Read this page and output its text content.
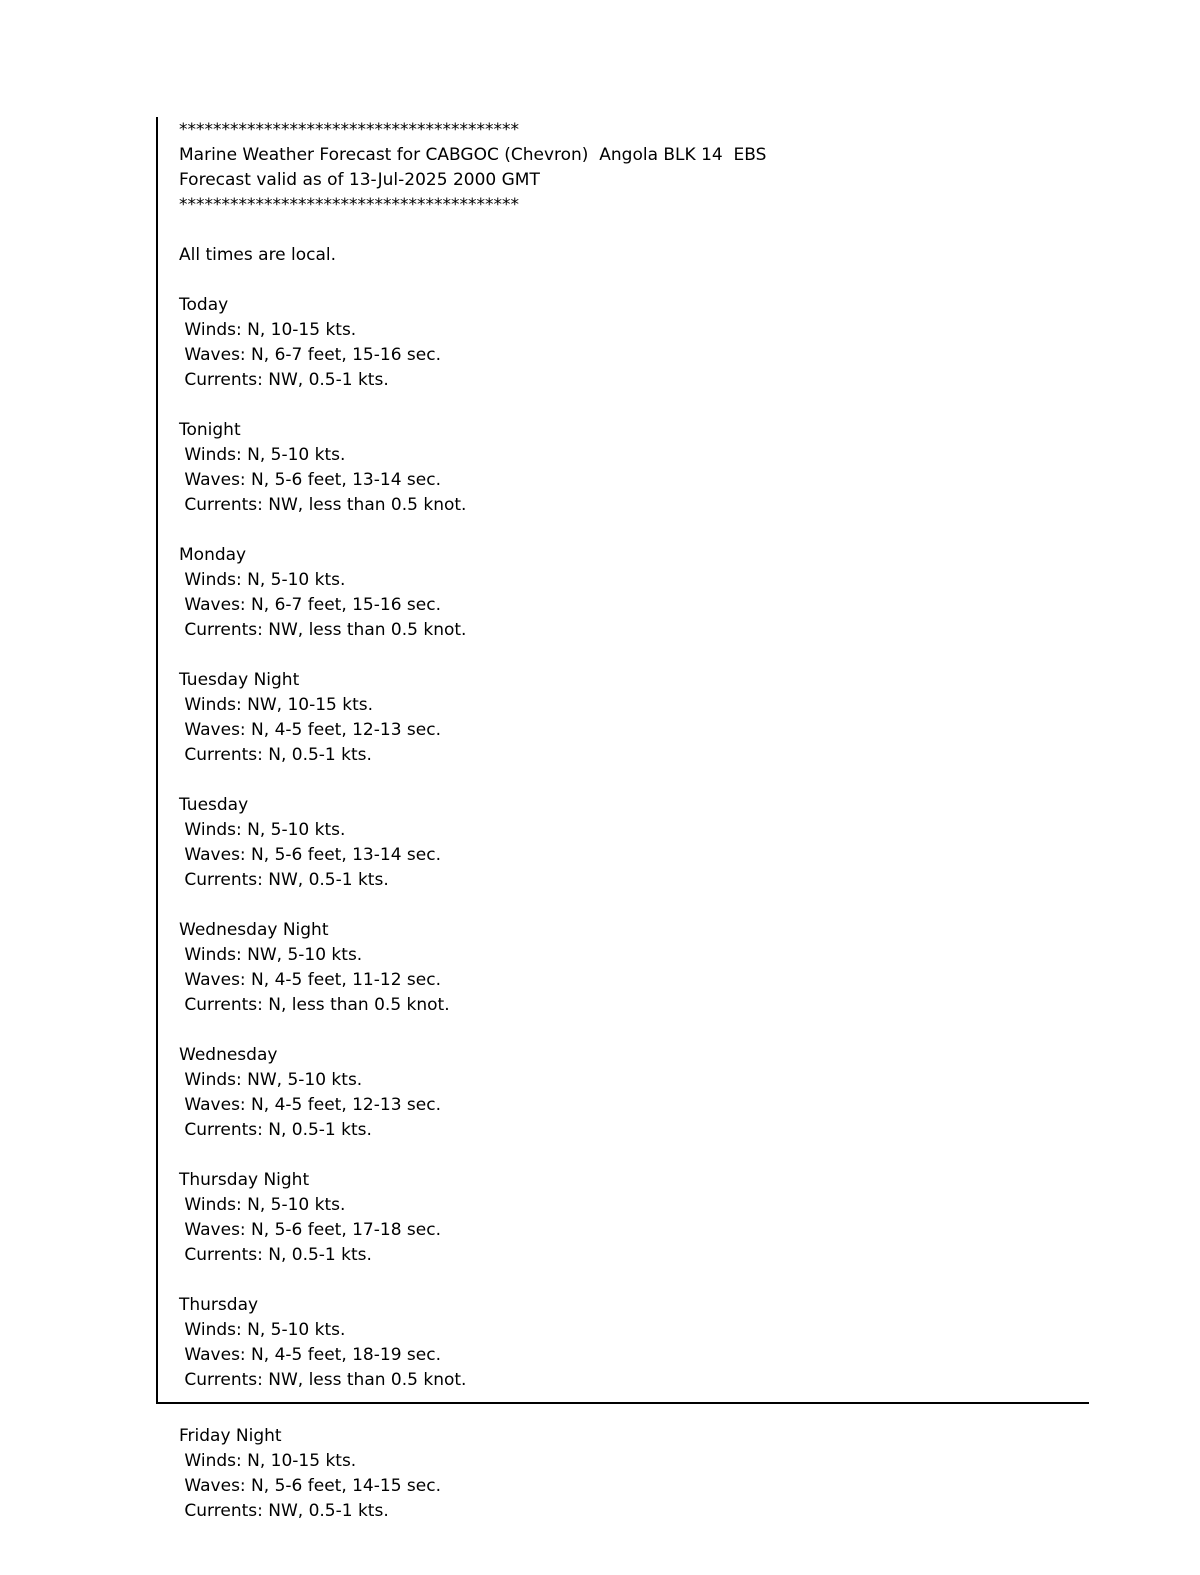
****************************************
Marine Weather Forecast for CABGOC (Chevron)  Angola BLK 14  EBS
Forecast valid as of 13-Jul-2025 2000 GMT
****************************************
All times are local.
Today
Winds: N, 10-15 kts.
Waves: N, 6-7 feet, 15-16 sec.
Currents: NW, 0.5-1 kts.
Tonight
Winds: N, 5-10 kts.
Waves: N, 5-6 feet, 13-14 sec.
Currents: NW, less than 0.5 knot.
Monday
Winds: N, 5-10 kts.
Waves: N, 6-7 feet, 15-16 sec.
Currents: NW, less than 0.5 knot.
Tuesday Night
Winds: NW, 10-15 kts.
Waves: N, 4-5 feet, 12-13 sec.
Currents: N, 0.5-1 kts.
Tuesday
Winds: N, 5-10 kts.
Waves: N, 5-6 feet, 13-14 sec.
Currents: NW, 0.5-1 kts.
Wednesday Night
Winds: NW, 5-10 kts.
Waves: N, 4-5 feet, 11-12 sec.
Currents: N, less than 0.5 knot.
Wednesday
Winds: NW, 5-10 kts.
Waves: N, 4-5 feet, 12-13 sec.
Currents: N, 0.5-1 kts.
Thursday Night
Winds: N, 5-10 kts.
Waves: N, 5-6 feet, 17-18 sec.
Currents: N, 0.5-1 kts.
Thursday
Winds: N, 5-10 kts.
Waves: N, 4-5 feet, 18-19 sec.
Currents: NW, less than 0.5 knot.
Friday Night
Winds: N, 10-15 kts.
Waves: N, 5-6 feet, 14-15 sec.
Currents: NW, 0.5-1 kts.
